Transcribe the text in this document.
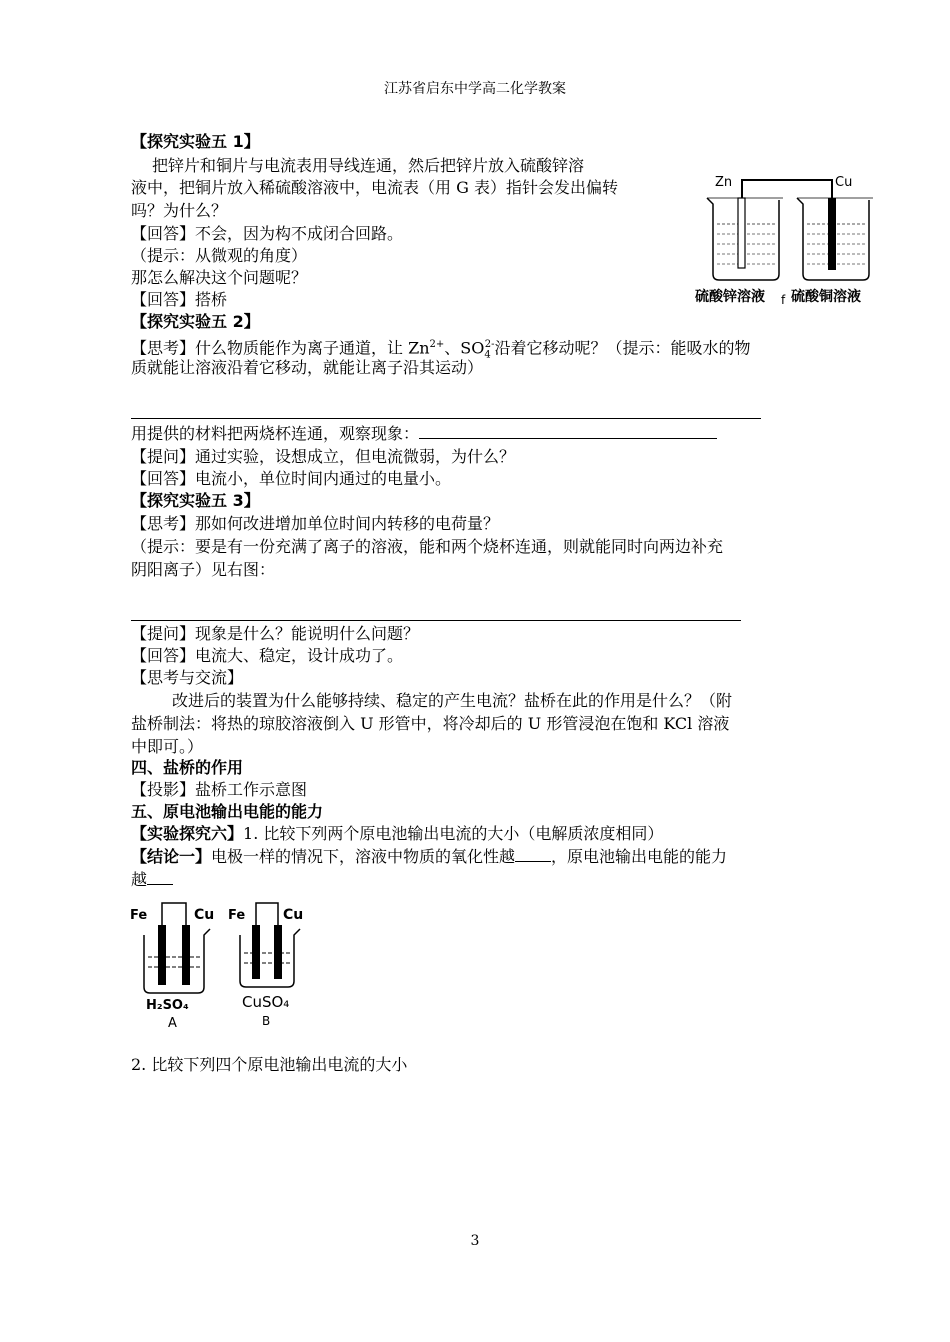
江苏省启东中学高二化学教案
【探究实验五 1】
把锌片和铜片与电流表用导线连通，然后把锌片放入硫酸锌溶
液中，把铜片放入稀硫酸溶液中，电流表（用 G 表）指针会发出偏转
吗？为什么？
【回答】不会，因为构不成闭合回路。
（提示：从微观的角度）
那怎么解决这个问题呢？
【回答】搭桥
Zn	Cu
硫酸锌溶液 f 硫酸铜溶液
【探究实验五 2】
【思考】什么物质能作为离子通道，让 $Zn^{2+}$、$SO_4^{2-}$沿着它移动呢？（提示：能吸水的物
质就能让溶液沿着它移动，就能让离子沿其运动）
用提供的材料把两烧杯连通，观察现象：
【提问】通过实验，设想成立，但电流微弱，为什么？
【回答】电流小，单位时间内通过的电量小。
【探究实验五 3】
【思考】那如何改进增加单位时间内转移的电荷量？
（提示：要是有一份充满了离子的溶液，能和两个烧杯连通，则就能同时向两边补充
阴阳离子）见右图：
【提问】现象是什么？能说明什么问题？
【回答】电流大、稳定，设计成功了。
【思考与交流】
改进后的装置为什么能够持续、稳定的产生电流？盐桥在此的作用是什么？（附
盐桥制法：将热的琼胶溶液倒入 U 形管中，将冷却后的 U 形管浸泡在饱和 KCl 溶液
中即可。）
四、盐桥的作用
【投影】盐桥工作示意图
五、原电池输出电能的能力
【实验探究六】1. 比较下列两个原电池输出电流的大小（电解质浓度相同）
【结论一】电极一样的情况下，溶液中物质的氧化性越 ，原电池输出电能的能力
越
Fe	Cu
H₂SO₄
A
Fe	Cu
CuSO₄
B
2. 比较下列四个原电池输出电流的大小
3
